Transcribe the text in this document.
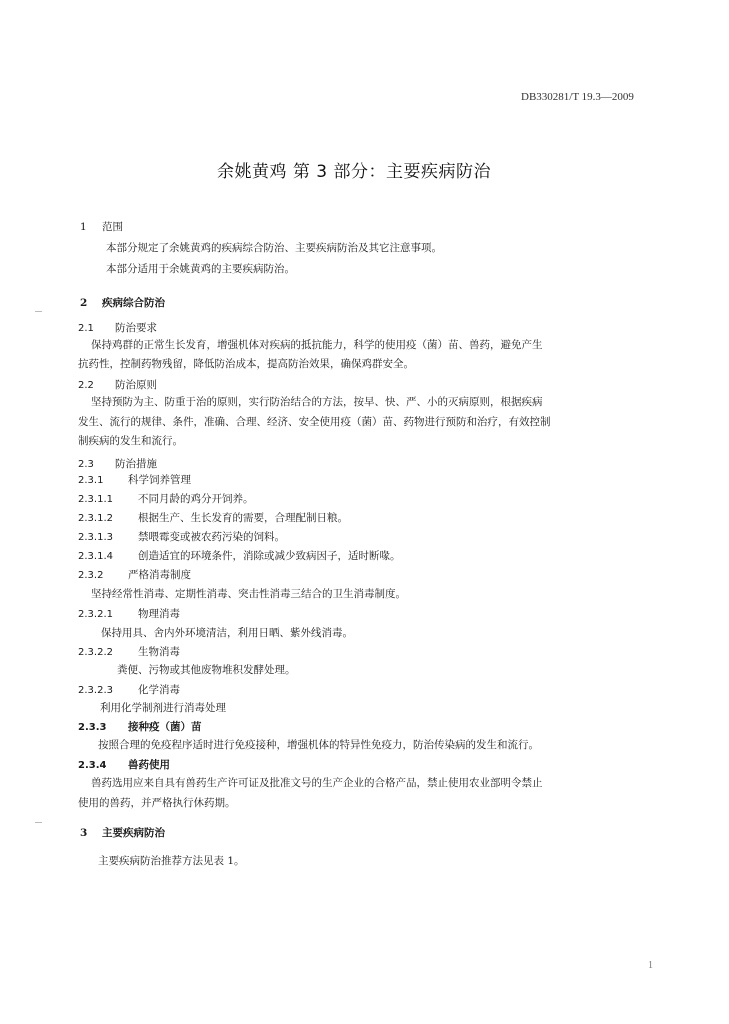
DB330281/T 19.3—2009
余姚黄鸡 第 3 部分：主要疾病防治
1 范围
本部分规定了余姚黄鸡的疾病综合防治、主要疾病防治及其它注意事项。
本部分适用于余姚黄鸡的主要疾病防治。
2 疾病综合防治
2.1 防治要求
保持鸡群的正常生长发育，增强机体对疾病的抵抗能力，科学的使用疫（菌）苗、兽药，避免产生
抗药性，控制药物残留，降低防治成本，提高防治效果，确保鸡群安全。
2.2 防治原则
坚持预防为主、防重于治的原则，实行防治结合的方法，按早、快、严、小的灭病原则，根据疾病
发生、流行的规律、条件，准确、合理、经济、安全使用疫（菌）苗、药物进行预防和治疗，有效控制
制疾病的发生和流行。
2.3 防治措施
2.3.1 科学饲养管理
2.3.1.1 不同月龄的鸡分开饲养。
2.3.1.2 根据生产、生长发育的需要，合理配制日粮。
2.3.1.3 禁喂霉变或被农药污染的饲料。
2.3.1.4 创造适宜的环境条件，消除或减少致病因子，适时断喙。
2.3.2 严格消毒制度
坚持经常性消毒、定期性消毒、突击性消毒三结合的卫生消毒制度。
2.3.2.1 物理消毒
保持用具、舍内外环境清洁，利用日晒、紫外线消毒。
2.3.2.2 生物消毒
粪便、污物或其他废物堆积发酵处理。
2.3.2.3 化学消毒
利用化学制剂进行消毒处理
2.3.3 接种疫（菌）苗
按照合理的免疫程序适时进行免疫接种，增强机体的特异性免疫力，防治传染病的发生和流行。
2.3.4 兽药使用
兽药选用应来自具有兽药生产许可证及批准文号的生产企业的合格产品，禁止使用农业部明令禁止
使用的兽药，并严格执行休药期。
3 主要疾病防治
主要疾病防治推荐方法见表 1。
1
